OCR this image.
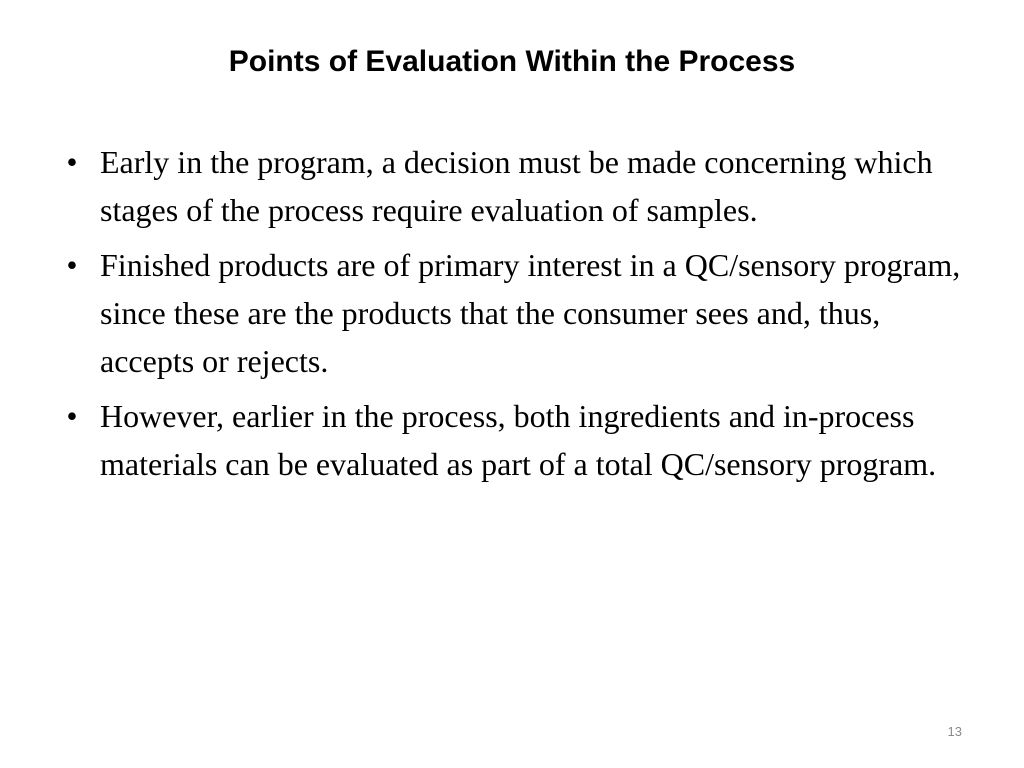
Points of Evaluation Within the Process
• Early in the program, a decision must be made concerning which stages of the process require evaluation of samples.
• Finished products are of primary interest in a QC/sensory program, since these are the products that the consumer sees and, thus, accepts or rejects.
• However, earlier in the process, both ingredients and in-process materials can be evaluated as part of a total QC/sensory program.
13
